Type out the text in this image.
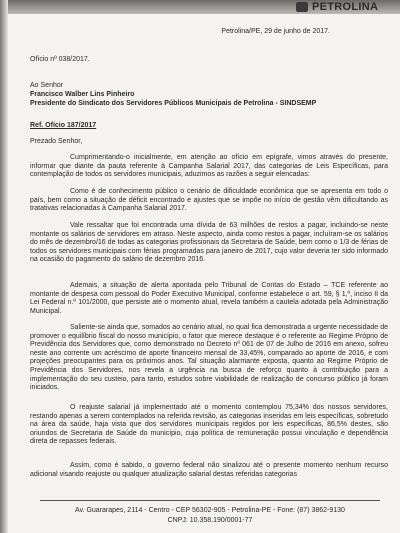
PETROLINA
Petrolina/PE, 29 de junho de 2017.
Ofício nº 038/2017.
Ao Senhor
Francisco Walber Lins Pinheiro
Presidente do Sindicato dos Servidores Públicos Municipais de Petrolina - SINDSEMP
Ref. Ofício 187/2017
Prezado Senhor,
Cumprimentando-o inicialmente, em atenção ao ofício em epígrafe, vimos através do presente, informar que diante da pauta referente à Campanha Salarial 2017, das categorias de Leis Específicas, para contemplação de todos os servidores municipais, aduzimos as razões a seguir elencadas:
Como é de conhecimento público o cenário de dificuldade econômica que se apresenta em todo o país, bem como a situação de déficit encontrado e ajustes que se impõe no início de gestão vêm dificultando as tratativas relacionadas à Campanha Salarial 2017.
Vale ressaltar que foi encontrada uma dívida de 63 milhões de restos a pagar, incluindo-se neste montante os salários de servidores em atraso. Neste aspecto, ainda como restos a pagar, incluíram-se os salários do mês de dezembro/16 de todas as categorias profissionais da Secretaria de Saúde, bem como o 1/3 de férias de todos os servidores municipais com férias programadas para janeiro de 2017, cujo valor deveria ter sido informado na ocasião do pagamento do salário de dezembro 2016.
Ademais, a situação de alerta apontada pelo Tribunal de Contas do Estado – TCE referente ao montante de despesa com pessoal do Poder Executivo Municipal, conforme estabelece o art. 59, § 1,º, inciso II da Lei Federal n.º 101/2000, que persiste até o momento atual, revela também a cautela adotada pela Administração Municipal.
Saliente-se ainda que, somados ao cenário atual, no qual fica demonstrada a urgente necessidade de promover o equilíbrio fiscal do nosso município, o fator que merece destaque é o referente ao Regime Próprio de Previdência dos Servidores que, como demonstrado no Decreto nº 061 de 07 de Julho de 2016 em anexo, sofreu neste ano corrente um acréscimo de aporte financeiro mensal de 33,45%, comparado ao aporte de 2016, e com projeções preocupantes para os próximos anos. Tal situação alarmante exposta, quanto ao Regime Próprio de Previdência dos Servidores, nos revela a urgência na busca de reforço quanto à contribuição para a implementação do seu custeio, para tanto, estudos sobre viabilidade de realização de concurso público já foram iniciados.
O reajuste salarial já implementado até o momento contemplou 75,34% dos nossos servidores, restando apenas a serem contemplados na referida revisão, as categorias inseridas em leis específicas, sobretudo na área da saúde, haja vista que dos servidores municipais regidos por leis específicas, 86,5% destes, são oriundos de Secretaria de Saúde do município, cuja política de remuneração possui vinculação e dependência direta de repasses federais.
Assim, como é sabido, o governo federal não sinalizou até o presente momento nenhum recurso adicional visando reajuste ou qualquer atualização salarial destas referidas categorias
Av. Guararapes, 2114 - Centro - CEP 56302-905 - Petrolina-PE - Fone: (87) 3862-9130
CNPJ: 10.358.190/0001-77
